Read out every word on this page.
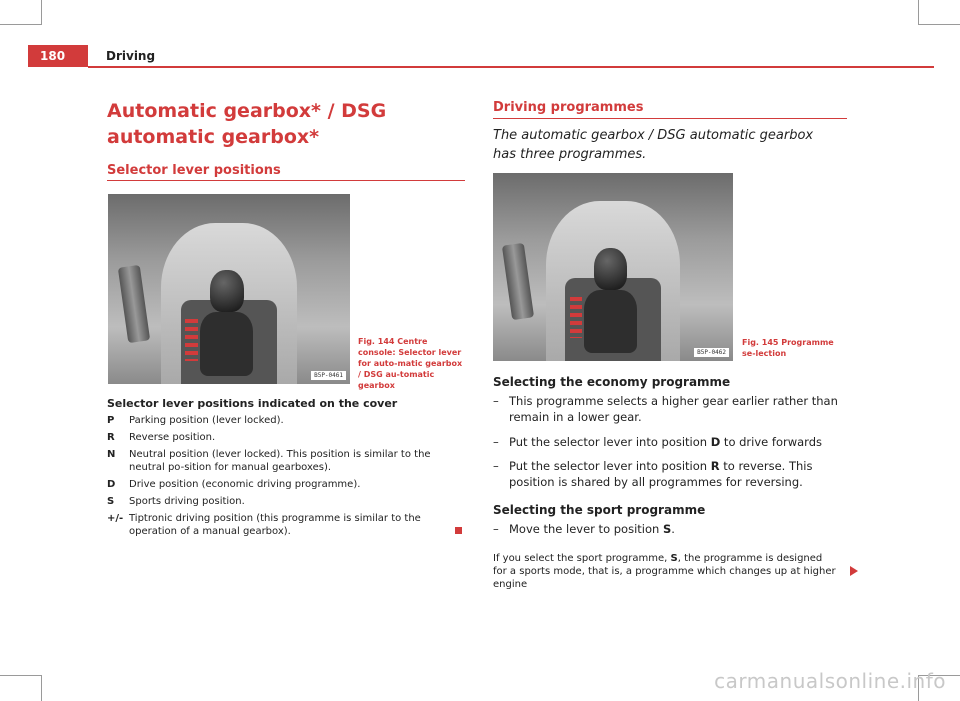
180	Driving
Automatic gearbox* / DSG automatic gearbox*
Selector lever positions
B5P-0461
Fig. 144 Centre console: Selector lever for auto-matic gearbox / DSG au-tomatic gearbox
Selector lever positions indicated on the cover
P	Parking position (lever locked).
R	Reverse position.
N	Neutral position (lever locked). This position is similar to the neutral po-sition for manual gearboxes).
D	Drive position (economic driving programme).
S	Sports driving position.
+/- Tiptronic driving position (this programme is similar to the operation of a manual gearbox).
Driving programmes
The automatic gearbox / DSG automatic gearbox has three programmes.
B5P-0462
Fig. 145 Programme se-lection
Selecting the economy programme
– This programme selects a higher gear earlier rather than remain in a lower gear.
– Put the selector lever into position D to drive forwards
– Put the selector lever into position R to reverse. This position is shared by all programmes for reversing.
Selecting the sport programme
– Move the lever to position S.
If you select the sport programme, S, the programme is designed for a sports mode, that is, a programme which changes up at higher engine
carmanualsonline.info
